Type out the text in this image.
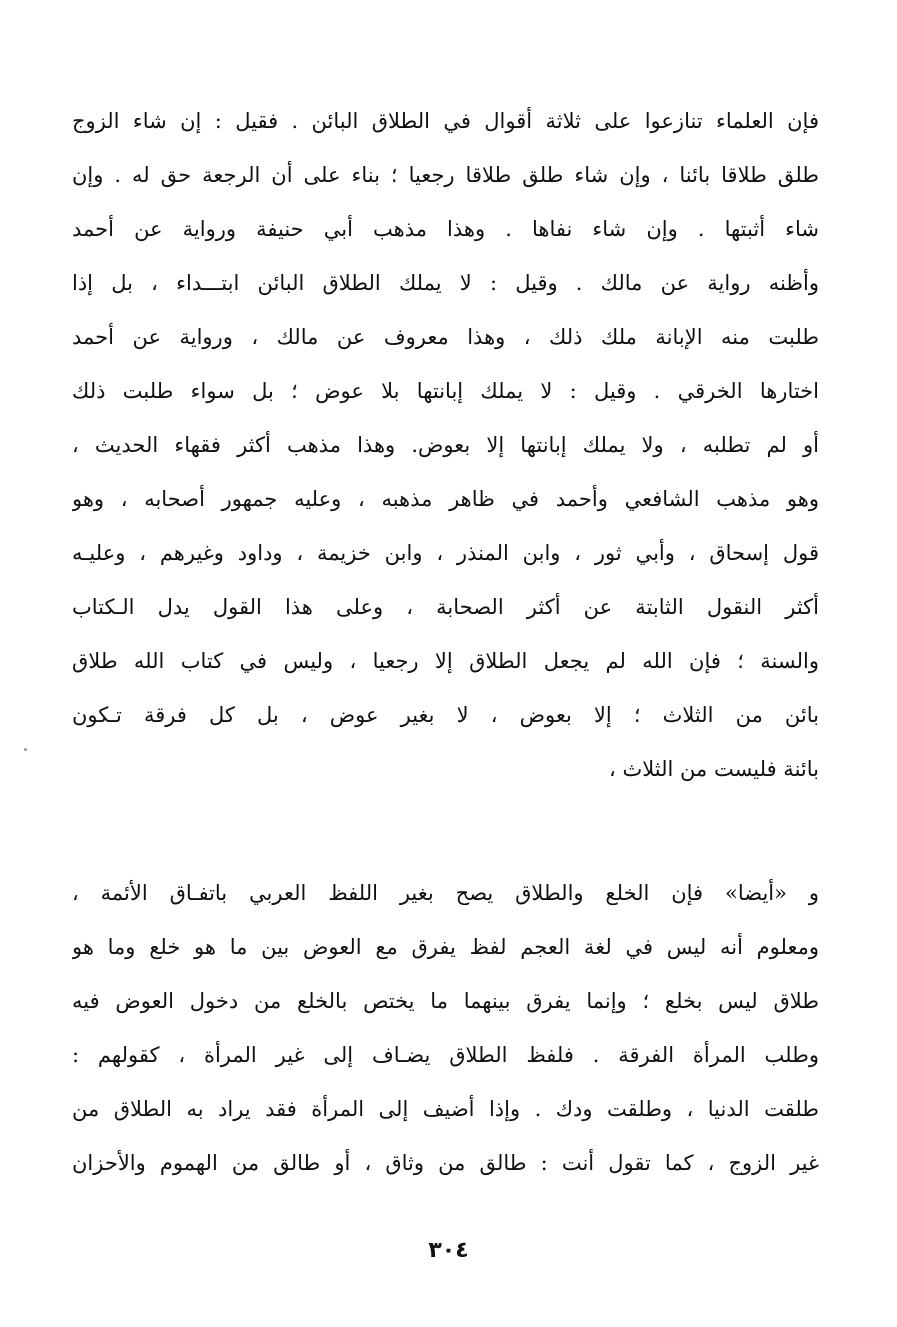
فإن العلماء تنازعوا على ثلاثة أقوال في الطلاق البائن . فقيل : إن شاء الزوج
طلق طلاقا بائنا ، وإن شاء طلق طلاقا رجعيا ؛ بناء على أن الرجعة حق له . وإن
شاء أثبتها . وإن شاء نفاها . وهذا مذهب أبي حنيفة ورواية عن أحمد
وأظنه رواية عن مالك . وقيل : لا يملك الطلاق البائن ابتـــداء ، بل إذا
طلبت منه الإبانة ملك ذلك ، وهذا معروف عن مالك ، ورواية عن أحمد
اختارها الخرقي . وقيل : لا يملك إبانتها بلا عوض ؛ بل سواء طلبت ذلك
أو لم تطلبه ، ولا يملك إبانتها إلا بعوض. وهذا مذهب أكثر فقهاء الحديث ،
وهو مذهب الشافعي وأحمد في ظاهر مذهبه ، وعليه جمهور أصحابه ، وهو
قول إسحاق ، وأبي ثور ، وابن المنذر ، وابن خزيمة ، وداود وغيرهم ، وعليـه
أكثر النقول الثابتة عن أكثر الصحابة ، وعلى هذا القول يدل الـكتاب
والسنة ؛ فإن الله لم يجعل الطلاق إلا رجعيا ، وليس في كتاب الله طلاق
بائن من الثلاث ؛ إلا بعوض ، لا بغير عوض ، بل كل فرقة تـكون
بائنة فليست من الثلاث ،
و «أيضا» فإن الخلع والطلاق يصح بغير اللفظ العربي باتفـاق الأئمة ،
ومعلوم أنه ليس في لغة العجم لفظ يفرق مع العوض بين ما هو خلع وما هو
طلاق ليس بخلع ؛ وإنما يفرق بينهما ما يختص بالخلع من دخول العوض فيه
وطلب المرأة الفرقة . فلفظ الطلاق يضـاف إلى غير المرأة ، كقولهم :
طلقت الدنيا ، وطلقت ودك . وإذا أضيف إلى المرأة فقد يراد به الطلاق من
غير الزوج ، كما تقول أنت : طالق من وثاق ، أو طالق من الهموم والأحزان
٣٠٤
